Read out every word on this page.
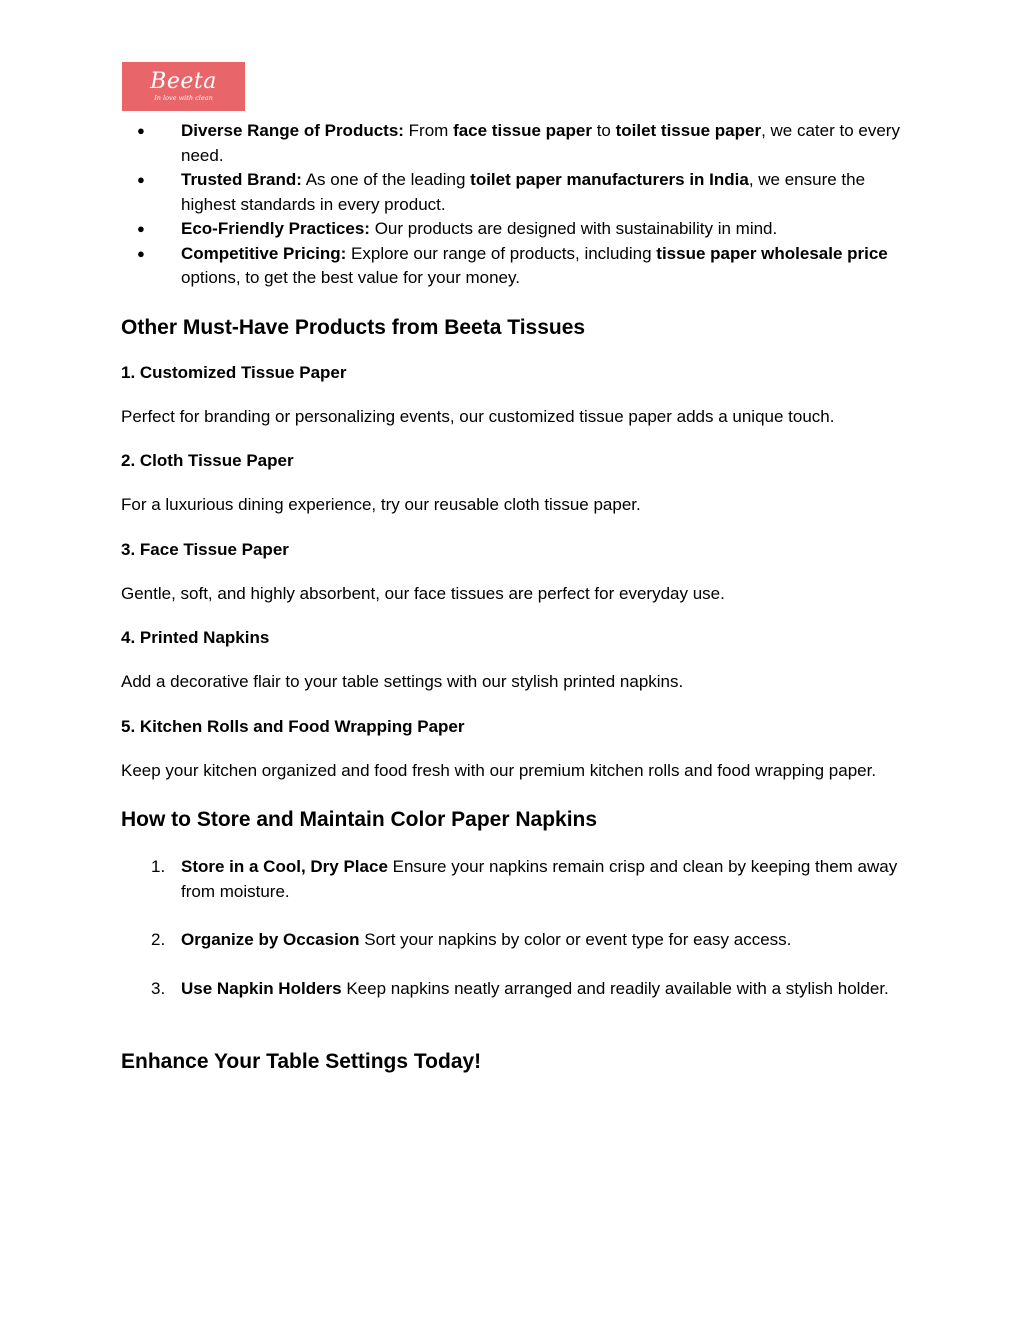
Beeta
In love with clean
● Diverse Range of Products: From face tissue paper to toilet tissue paper, we cater to every need.
● Trusted Brand: As one of the leading toilet paper manufacturers in India, we ensure the highest standards in every product.
● Eco-Friendly Practices: Our products are designed with sustainability in mind.
● Competitive Pricing: Explore our range of products, including tissue paper wholesale price options, to get the best value for your money.
Other Must-Have Products from Beeta Tissues
1. Customized Tissue Paper

Perfect for branding or personalizing events, our customized tissue paper adds a unique touch.

2. Cloth Tissue Paper

For a luxurious dining experience, try our reusable cloth tissue paper.

3. Face Tissue Paper

Gentle, soft, and highly absorbent, our face tissues are perfect for everyday use.

4. Printed Napkins

Add a decorative flair to your table settings with our stylish printed napkins.

5. Kitchen Rolls and Food Wrapping Paper

Keep your kitchen organized and food fresh with our premium kitchen rolls and food wrapping paper.

How to Store and Maintain Color Paper Napkins
1. Store in a Cool, Dry Place Ensure your napkins remain crisp and clean by keeping them away from moisture.
2. Organize by Occasion Sort your napkins by color or event type for easy access.
3. Use Napkin Holders Keep napkins neatly arranged and readily available with a stylish holder.
Enhance Your Table Settings Today!
